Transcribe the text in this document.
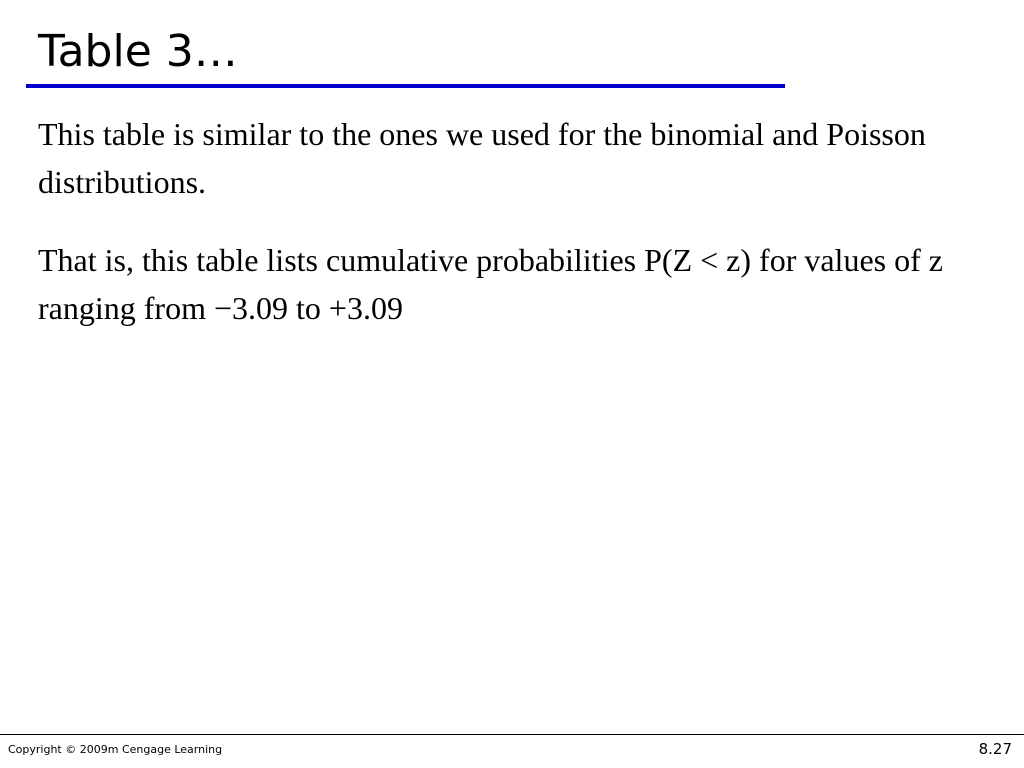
Table 3…

This table is similar to the ones we used for the binomial and Poisson distributions.

That is, this table lists cumulative probabilities P(Z < z) for values of z ranging from −3.09 to +3.09

Copyright © 2009m Cengage Learning	8.27
